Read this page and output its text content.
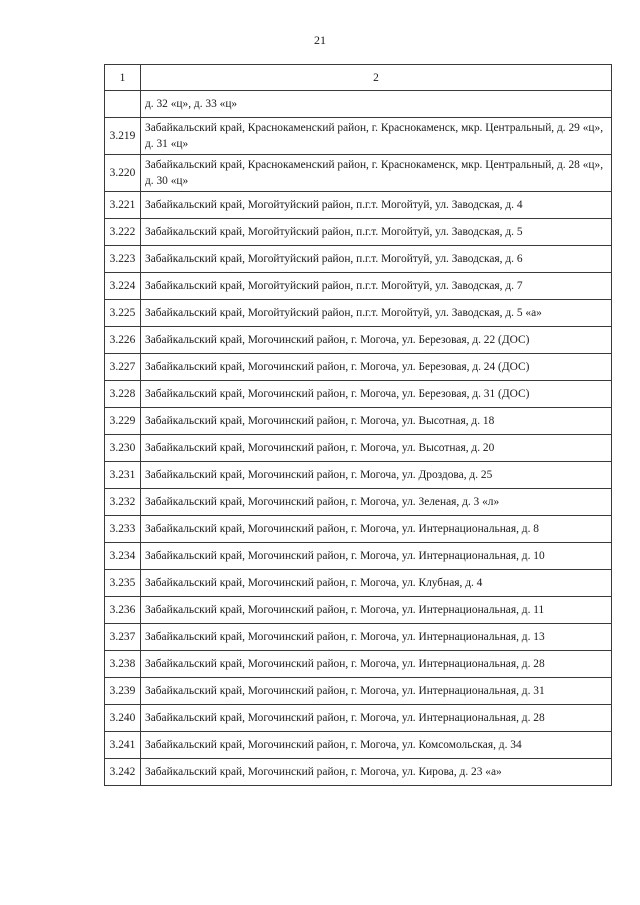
21
1	2
	д. 32 «ц», д. 33 «ц»
3.219	Забайкальский край, Краснокаменский район, г. Краснокаменск, мкр. Центральный, д. 29 «ц», д. 31 «ц»
3.220	Забайкальский край, Краснокаменский район, г. Краснокаменск, мкр. Центральный, д. 28 «ц», д. 30 «ц»
3.221	Забайкальский край, Могойтуйский район, п.г.т. Могойтуй, ул. Заводская, д. 4
3.222	Забайкальский край, Могойтуйский район, п.г.т. Могойтуй, ул. Заводская, д. 5
3.223	Забайкальский край, Могойтуйский район, п.г.т. Могойтуй, ул. Заводская, д. 6
3.224	Забайкальский край, Могойтуйский район, п.г.т. Могойтуй, ул. Заводская, д. 7
3.225	Забайкальский край, Могойтуйский район, п.г.т. Могойтуй, ул. Заводская, д. 5 «а»
3.226	Забайкальский край, Могочинский район, г. Могоча, ул. Березовая, д. 22 (ДОС)
3.227	Забайкальский край, Могочинский район, г. Могоча, ул. Березовая, д. 24 (ДОС)
3.228	Забайкальский край, Могочинский район, г. Могоча, ул. Березовая, д. 31 (ДОС)
3.229	Забайкальский край, Могочинский район, г. Могоча, ул. Высотная, д. 18
3.230	Забайкальский край, Могочинский район, г. Могоча, ул. Высотная, д. 20
3.231	Забайкальский край, Могочинский район, г. Могоча, ул. Дроздова, д. 25
3.232	Забайкальский край, Могочинский район, г. Могоча, ул. Зеленая, д. 3 «л»
3.233	Забайкальский край, Могочинский район, г. Могоча, ул. Интернациональная, д. 8
3.234	Забайкальский край, Могочинский район, г. Могоча, ул. Интернациональная, д. 10
3.235	Забайкальский край, Могочинский район, г. Могоча, ул. Клубная, д. 4
3.236	Забайкальский край, Могочинский район, г. Могоча, ул. Интернациональная, д. 11
3.237	Забайкальский край, Могочинский район, г. Могоча, ул. Интернациональная, д. 13
3.238	Забайкальский край, Могочинский район, г. Могоча, ул. Интернациональная, д. 28
3.239	Забайкальский край, Могочинский район, г. Могоча, ул. Интернациональная, д. 31
3.240	Забайкальский край, Могочинский район, г. Могоча, ул. Интернациональная, д. 28
3.241	Забайкальский край, Могочинский район, г. Могоча, ул. Комсомольская, д. 34
3.242	Забайкальский край, Могочинский район, г. Могоча, ул. Кирова, д. 23 «а»
